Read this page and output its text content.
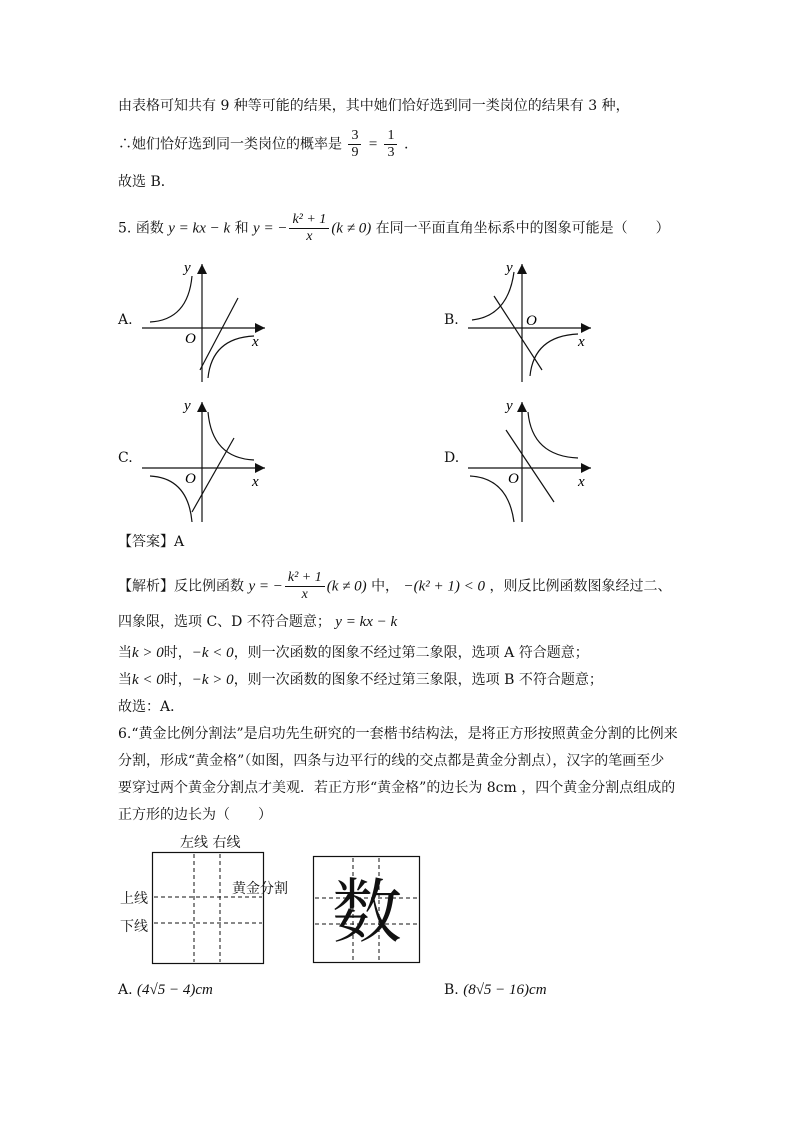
由表格可知共有 9 种等可能的结果，其中她们恰好选到同一类岗位的结果有 3 种，
∴她们恰好选到同一类岗位的概率是 $\frac{3}{9} = \frac{1}{3}$ .
故选 B．
5. 函数 y = kx − k 和 y = − $\frac{\text{k² + 1}}{x} (k \ne 0)$ 在同一平面直角坐标系中的图象可能是（　　）
A.
y
x
O
B.
y
x
O
C.
y
x
O
D.
y
x
O
【答案】A
【解析】反比例函数 y = − $\frac{\text{k² + 1}}{x} (k \ne 0)$ 中， −(k² + 1) < 0 ，则反比例函数图象经过二、
四象限，选项 C、D 不符合题意； y = kx − k
当k > 0时，−k < 0，则一次函数的图象不经过第二象限，选项 A 符合题意；
当k < 0时，−k > 0，则一次函数的图象不经过第三象限，选项 B 不符合题意；
故选：A．
6.“黄金比例分割法”是启功先生研究的一套楷书结构法，是将正方形按照黄金分割的比例来
分割，形成“黄金格”（如图，四条与边平行的线的交点都是黄金分割点），汉字的笔画至少
要穿过两个黄金分割点才美观．若正方形“黄金格”的边长为 8cm ，四个黄金分割点组成的
正方形的边长为（　　）
左线 右线
上线
下线
黄金分割 数
A. (4√5 − 4)cm	B. (8√5 − 16)cm
